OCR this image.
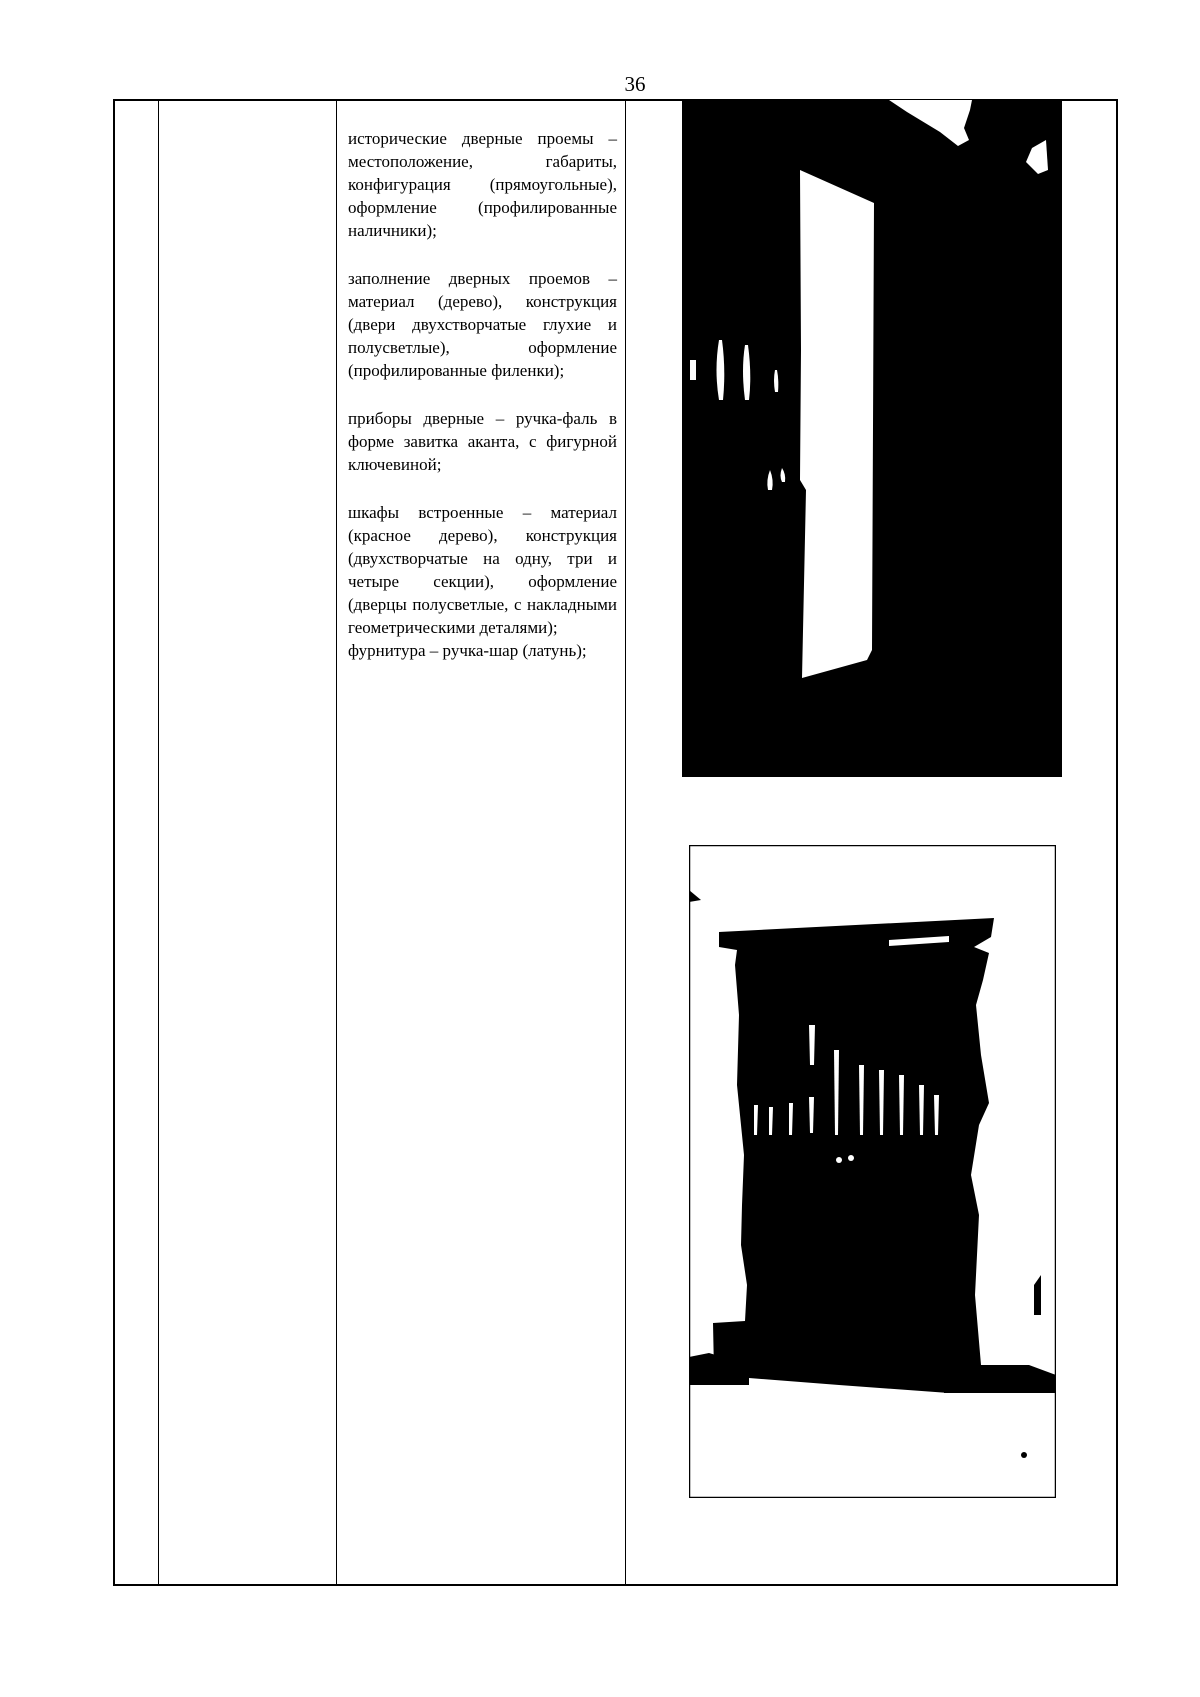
36

исторические дверные проемы – местоположение, габариты, конфигурация (прямоугольные), оформление (профилированные наличники);

заполнение дверных проемов – материал (дерево), конструкция (двери двухстворчатые глухие и полусветлые), оформление (профилированные филенки);

приборы дверные – ручка-фаль в форме завитка аканта, с фигурной ключевиной;

шкафы встроенные – материал (красное дерево), конструкция (двухстворчатые на одну, три и четыре секции), оформление (дверцы полусветлые, с накладными геометрическими деталями);

фурнитура – ручка-шар (латунь);
